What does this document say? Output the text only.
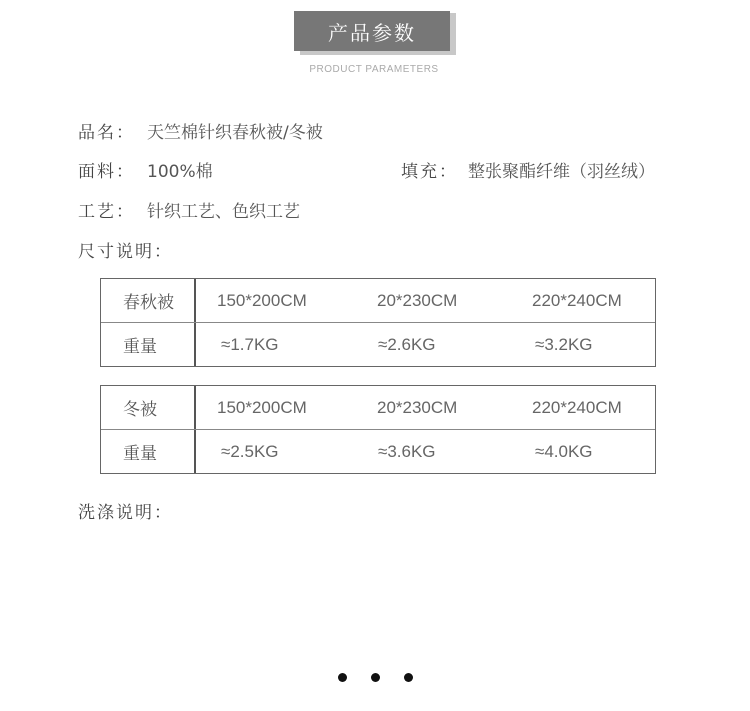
产品参数
PRODUCT PARAMETERS
品名： 天竺棉针织春秋被/冬被
面料： 100%棉	填充： 整张聚酯纤维（羽丝绒）
工艺： 针织工艺、色织工艺
尺寸说明：
春秋被	150*200CM	20*230CM	220*240CM
重量	≈1.7KG	≈2.6KG	≈3.2KG
冬被	150*200CM	20*230CM	220*240CM
重量	≈2.5KG	≈3.6KG	≈4.0KG
洗涤说明：
